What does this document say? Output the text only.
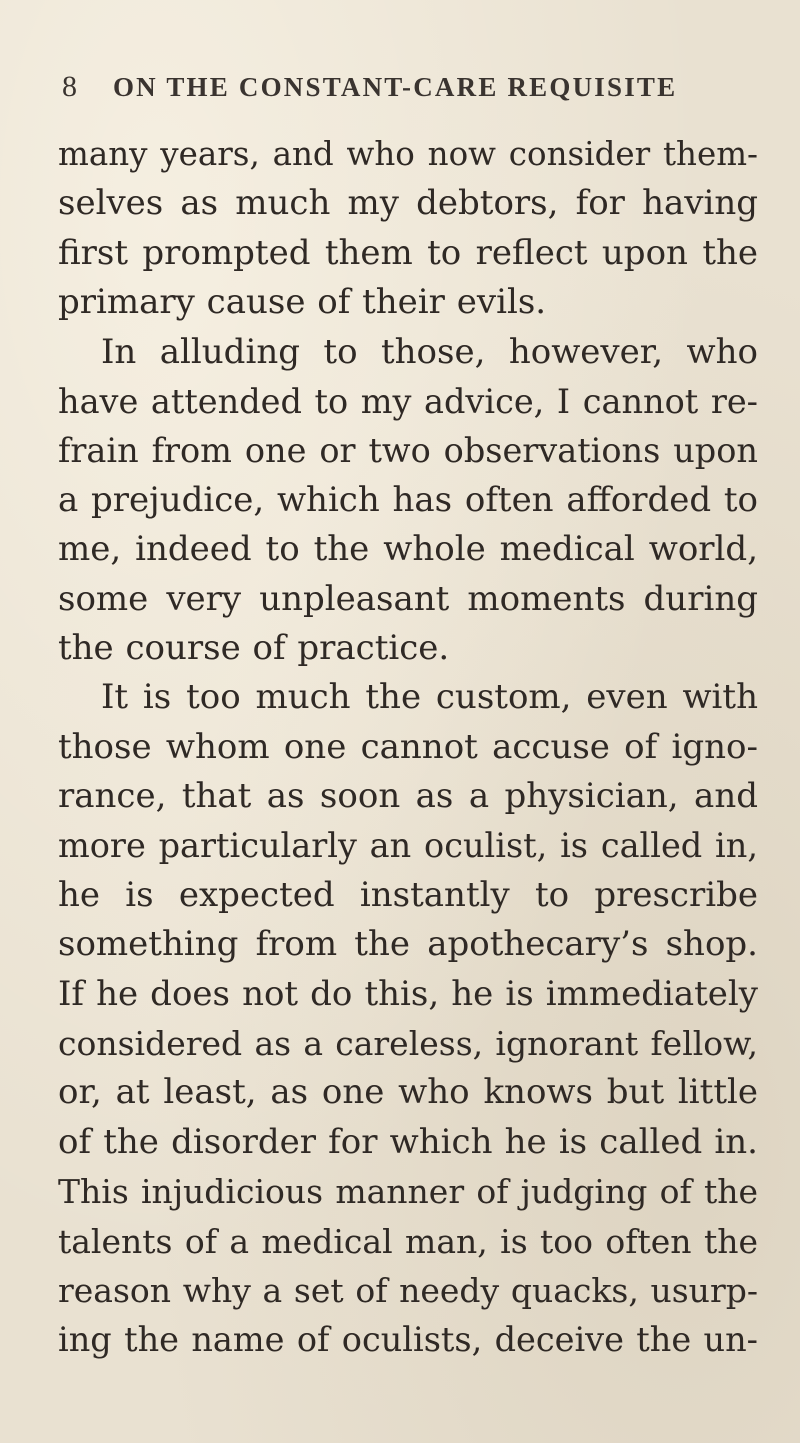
8 ON THE CONSTANT-CARE REQUISITE
many years, and who now consider them-
selves as much my debtors, for having
first prompted them to reflect upon the
primary cause of their evils.
In alluding to those, however, who
have attended to my advice, I cannot re-
frain from one or two observations upon
a prejudice, which has often afforded to
me, indeed to the whole medical world,
some very unpleasant moments during
the course of practice.
It is too much the custom, even with
those whom one cannot accuse of igno-
rance, that as soon as a physician, and
more particularly an oculist, is called in,
he is expected instantly to prescribe
something from the apothecary’s shop.
If he does not do this, he is immediately
considered as a careless, ignorant fellow,
or, at least, as one who knows but little
of the disorder for which he is called in.
This injudicious manner of judging of the
talents of a medical man, is too often the
reason why a set of needy quacks, usurp-
ing the name of oculists, deceive the un-
